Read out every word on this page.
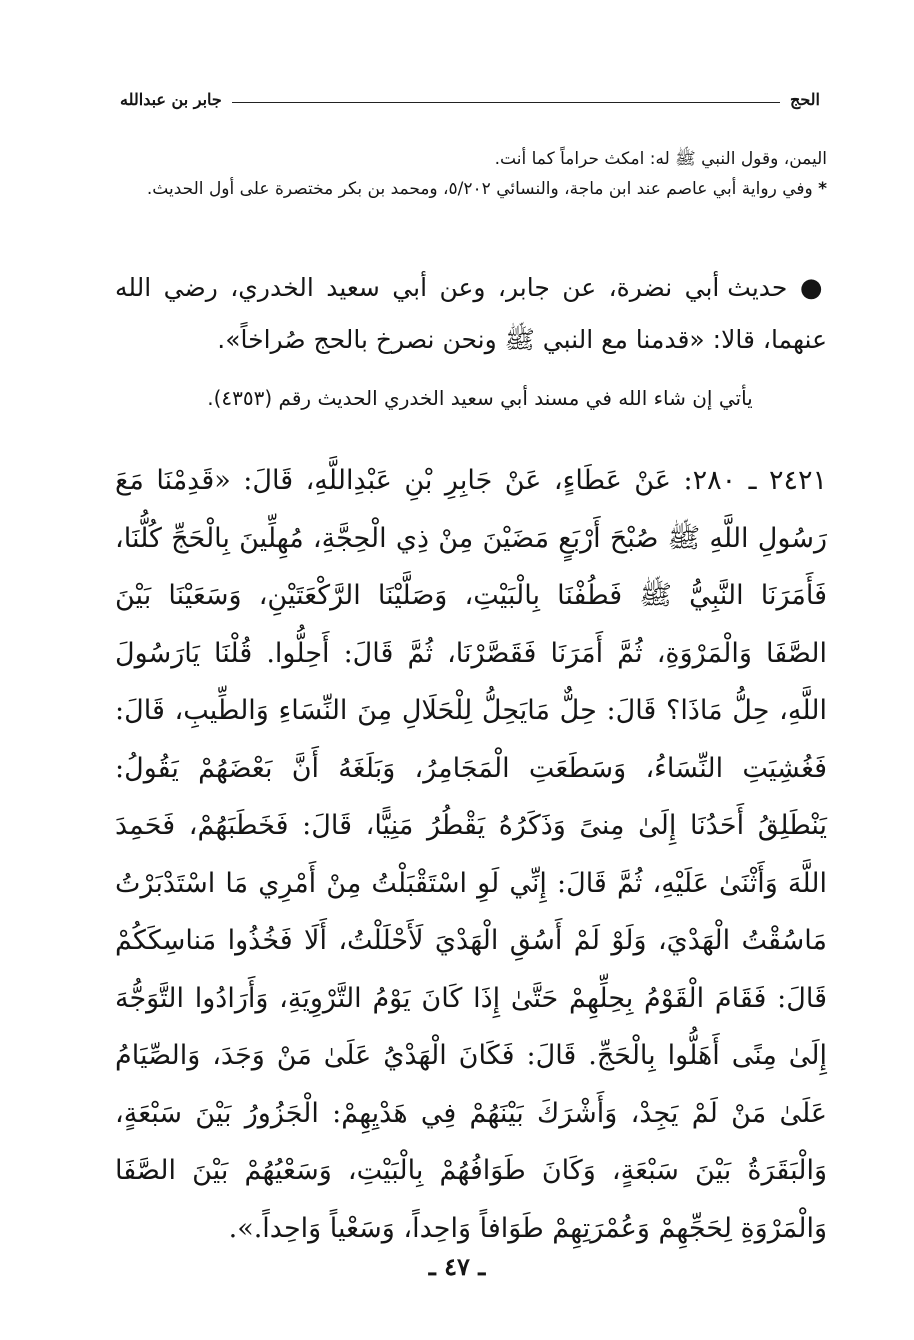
الحج
جابر بن عبدالله

اليمن، وقول النبي ﷺ له: امكث حراماً كما أنت.

* وفي رواية أبي عاصم عند ابن ماجة، والنسائي ٥/٢٠٢، ومحمد بن بكر مختصرة على أول الحديث.

● حديث أبي نضرة، عن جابر، وعن أبي سعيد الخدري، رضي الله عنهما، قالا: «قدمنا مع النبي ﷺ ونحن نصرخ بالحج صُراخاً».

يأتي إن شاء الله في مسند أبي سعيد الخدري الحديث رقم (٤٣٥٣).

٢٤٢١ ـ ٢٨٠: عَنْ عَطَاءٍ، عَنْ جَابِرِ بْنِ عَبْدِاللَّهِ، قَالَ: «قَدِمْنَا مَعَ رَسُولِ اللَّهِ ﷺ صُبْحَ أَرْبَعٍ مَضَيْنَ مِنْ ذِي الْحِجَّةِ، مُهِلِّينَ بِالْحَجِّ كُلُّنَا، فَأَمَرَنَا النَّبِيُّ ﷺ فَطُفْنَا بِالْبَيْتِ، وَصَلَّيْنَا الرَّكْعَتَيْنِ، وَسَعَيْنَا بَيْنَ الصَّفَا وَالْمَرْوَةِ، ثُمَّ أَمَرَنَا فَقَصَّرْنَا، ثُمَّ قَالَ: أَحِلُّوا. قُلْنَا يَارَسُولَ اللَّهِ، حِلُّ مَاذَا؟ قَالَ: حِلٌّ مَايَحِلُّ لِلْحَلَالِ مِنَ النِّسَاءِ وَالطِّيبِ، قَالَ: فَغُشِيَتِ النِّسَاءُ، وَسَطَعَتِ الْمَجَامِرُ، وَبَلَغَهُ أَنَّ بَعْضَهُمْ يَقُولُ: يَنْطَلِقُ أَحَدُنَا إِلَىٰ مِنىً وَذَكَرُهُ يَقْطُرُ مَنِيًّا، قَالَ: فَخَطَبَهُمْ، فَحَمِدَ اللَّهَ وَأَثْنَىٰ عَلَيْهِ، ثُمَّ قَالَ: إِنِّي لَوِ اسْتَقْبَلْتُ مِنْ أَمْرِي مَا اسْتَدْبَرْتُ مَاسُقْتُ الْهَدْيَ، وَلَوْ لَمْ أَسُقِ الْهَدْيَ لَأَحْلَلْتُ، أَلَا فَخُذُوا مَناسِكَكُمْ قَالَ: فَقَامَ الْقَوْمُ بِحِلِّهِمْ حَتَّىٰ إِذَا كَانَ يَوْمُ التَّرْوِيَةِ، وَأَرَادُوا التَّوَجُّهَ إِلَىٰ مِنًى أَهَلُّوا بِالْحَجِّ. قَالَ: فَكَانَ الْهَدْيُ عَلَىٰ مَنْ وَجَدَ، وَالصِّيَامُ عَلَىٰ مَنْ لَمْ يَجِدْ، وَأَشْرَكَ بَيْنَهُمْ فِي هَدْيِهِمْ: الْجَزُورُ بَيْنَ سَبْعَةٍ، وَالْبَقَرَةُ بَيْنَ سَبْعَةٍ، وَكَانَ طَوَافُهُمْ بِالْبَيْتِ، وَسَعْيُهُمْ بَيْنَ الصَّفَا وَالْمَرْوَةِ لِحَجِّهِمْ وَعُمْرَتِهِمْ طَوَافاً وَاحِداً، وَسَعْياً وَاحِداً.».

ـ ٤٧ ـ
